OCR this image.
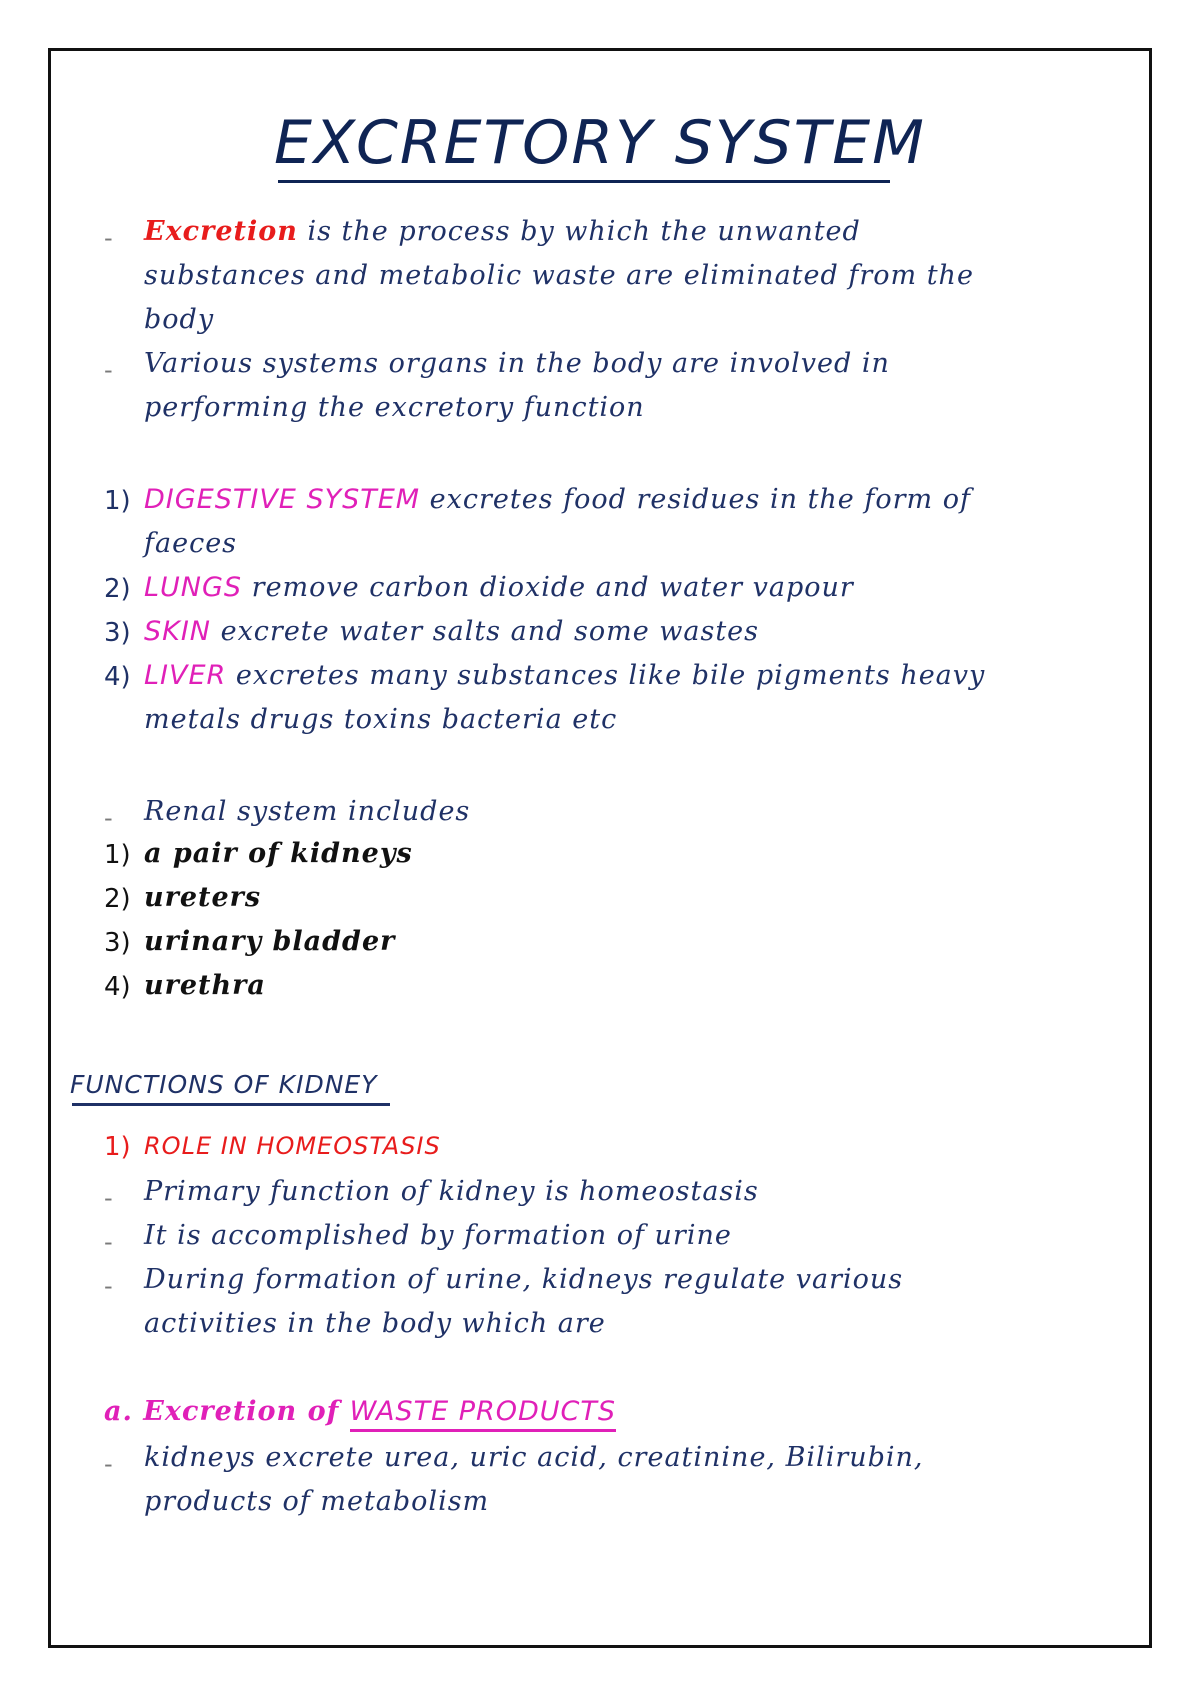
EXCRETORY SYSTEM
- Excretion is the process by which the unwanted
substances and metabolic waste are eliminated from the
body
- Various systems organs in the body are involved in
performing the excretory function
1) DIGESTIVE SYSTEM excretes food residues in the form of
faeces
2) LUNGS remove carbon dioxide and water vapour
3) SKIN excrete water salts and some wastes
4) LIVER excretes many substances like bile pigments heavy
metals drugs toxins bacteria etc
- Renal system includes
1) a pair of kidneys
2) ureters
3) urinary bladder
4) urethra
FUNCTIONS OF KIDNEY
1) ROLE IN HOMEOSTASIS
- Primary function of kidney is homeostasis
- It is accomplished by formation of urine
- During formation of urine, kidneys regulate various
activities in the body which are
a. Excretion of WASTE PRODUCTS
- kidneys excrete urea, uric acid, creatinine, Bilirubin,
products of metabolism
